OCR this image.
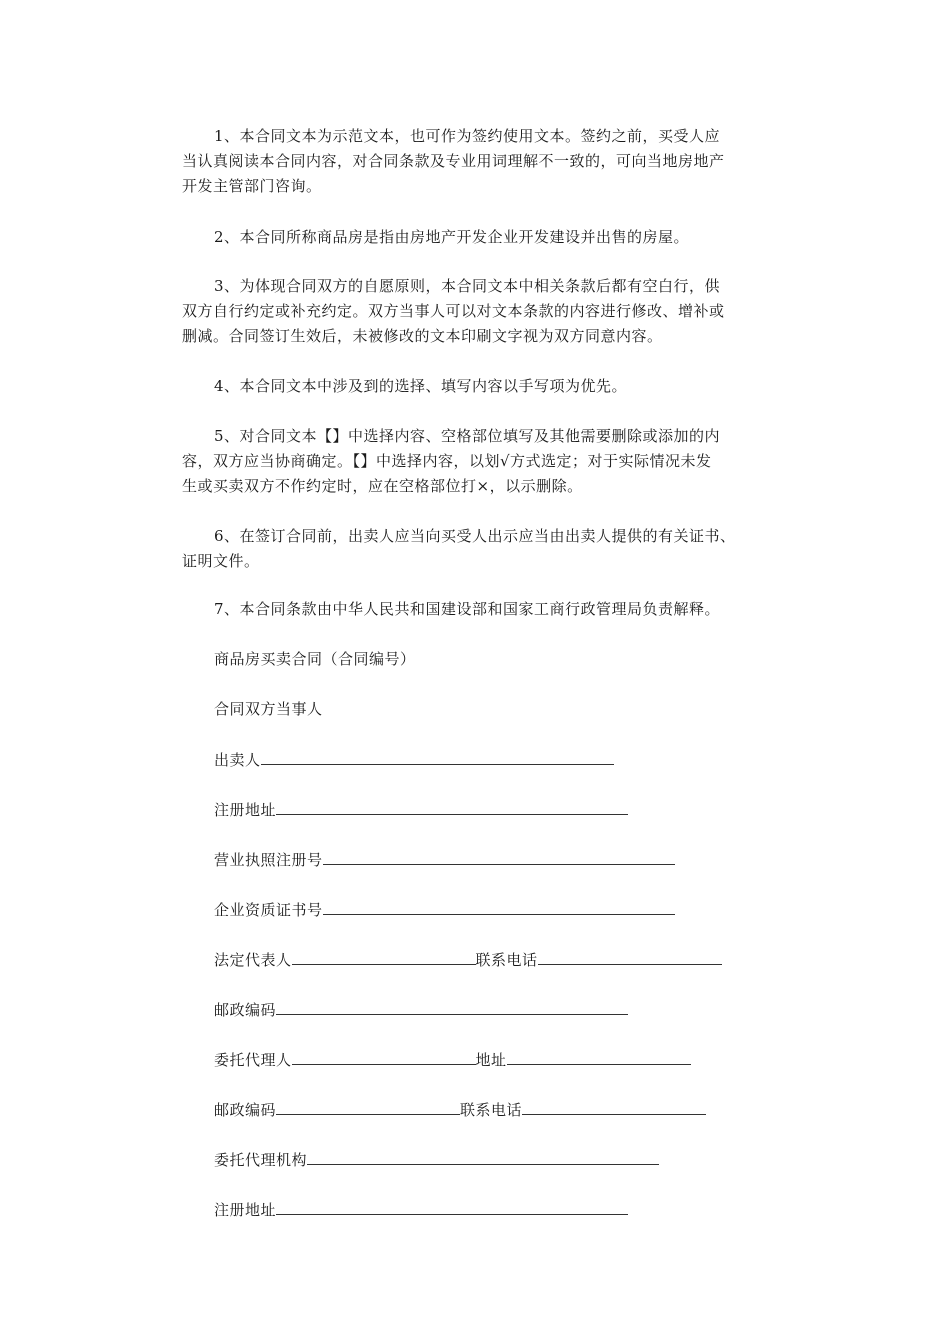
1、本合同文本为示范文本，也可作为签约使用文本。签约之前，买受人应
当认真阅读本合同内容，对合同条款及专业用词理解不一致的，可向当地房地产
开发主管部门咨询。
2、本合同所称商品房是指由房地产开发企业开发建设并出售的房屋。
3、为体现合同双方的自愿原则，本合同文本中相关条款后都有空白行，供
双方自行约定或补充约定。双方当事人可以对文本条款的内容进行修改、增补或
删减。合同签订生效后，未被修改的文本印刷文字视为双方同意内容。
4、本合同文本中涉及到的选择、填写内容以手写项为优先。
5、对合同文本【】中选择内容、空格部位填写及其他需要删除或添加的内
容，双方应当协商确定。【】中选择内容，以划√方式选定；对于实际情况未发
生或买卖双方不作约定时，应在空格部位打×，以示删除。
6、在签订合同前，出卖人应当向买受人出示应当由出卖人提供的有关证书、
证明文件。
7、本合同条款由中华人民共和国建设部和国家工商行政管理局负责解释。
商品房买卖合同（合同编号）
合同双方当事人
出卖人
注册地址
营业执照注册号
企业资质证书号
法定代表人	联系电话
邮政编码
委托代理人	地址
邮政编码	联系电话
委托代理机构
注册地址
